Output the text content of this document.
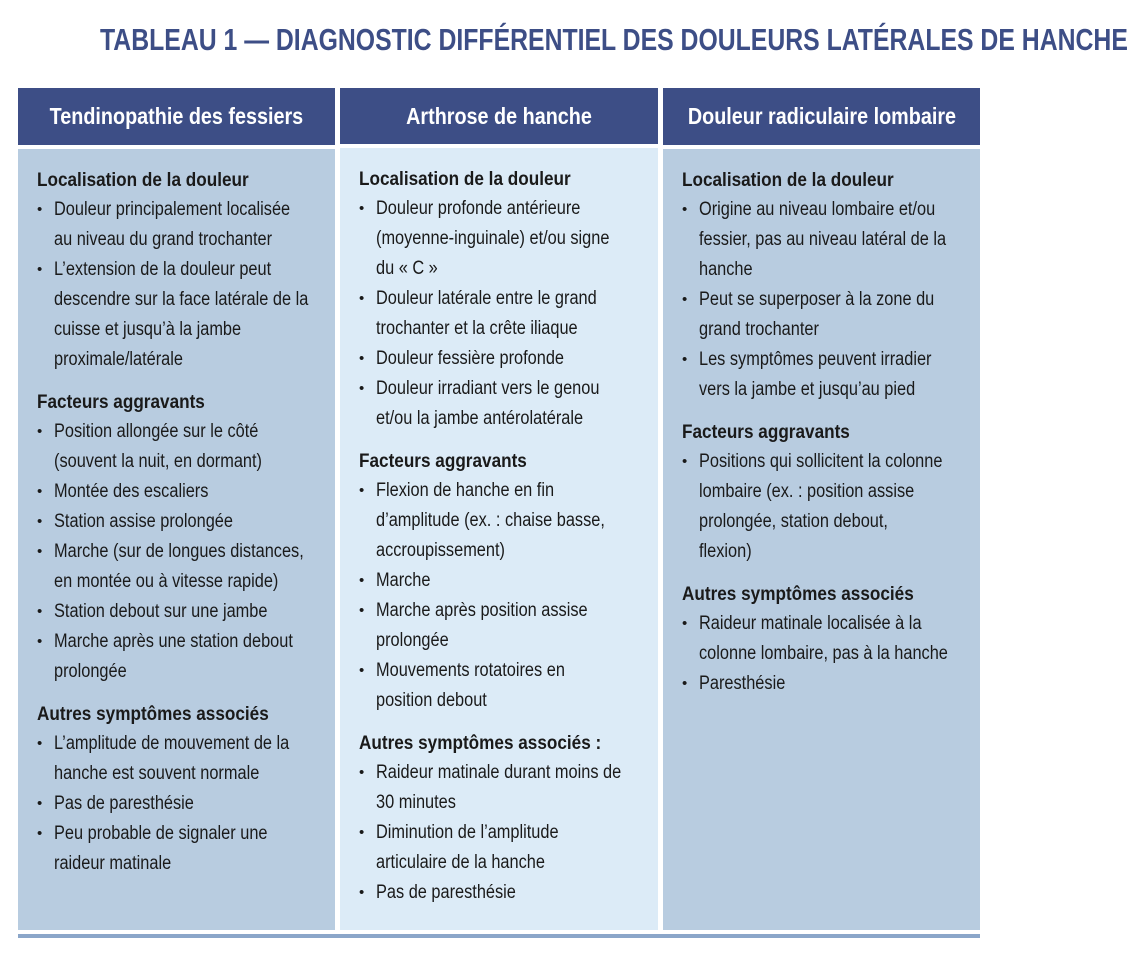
TABLEAU 1 — DIAGNOSTIC DIFFÉRENTIEL DES DOULEURS LATÉRALES DE HANCHE
Tendinopathie des fessiers
Localisation de la douleur
• Douleur principalement localisée
au niveau du grand trochanter
• L’extension de la douleur peut
descendre sur la face latérale de la
cuisse et jusqu’à la jambe
proximale/latérale
Facteurs aggravants
• Position allongée sur le côté
(souvent la nuit, en dormant)
• Montée des escaliers
• Station assise prolongée
• Marche (sur de longues distances,
en montée ou à vitesse rapide)
• Station debout sur une jambe
• Marche après une station debout
prolongée
Autres symptômes associés
• L’amplitude de mouvement de la
hanche est souvent normale
• Pas de paresthésie
• Peu probable de signaler une
raideur matinale
Arthrose de hanche
Localisation de la douleur
• Douleur profonde antérieure
(moyenne-inguinale) et/ou signe
du « C »
• Douleur latérale entre le grand
trochanter et la crête iliaque
• Douleur fessière profonde
• Douleur irradiant vers le genou
et/ou la jambe antérolatérale
Facteurs aggravants
• Flexion de hanche en fin
d’amplitude (ex. : chaise basse,
accroupissement)
• Marche
• Marche après position assise
prolongée
• Mouvements rotatoires en
position debout
Autres symptômes associés :
• Raideur matinale durant moins de
30 minutes
• Diminution de l’amplitude
articulaire de la hanche
• Pas de paresthésie
Douleur radiculaire lombaire
Localisation de la douleur
• Origine au niveau lombaire et/ou
fessier, pas au niveau latéral de la
hanche
• Peut se superposer à la zone du
grand trochanter
• Les symptômes peuvent irradier
vers la jambe et jusqu’au pied
Facteurs aggravants
• Positions qui sollicitent la colonne
lombaire (ex. : position assise
prolongée, station debout,
flexion)
Autres symptômes associés
• Raideur matinale localisée à la
colonne lombaire, pas à la hanche
• Paresthésie
